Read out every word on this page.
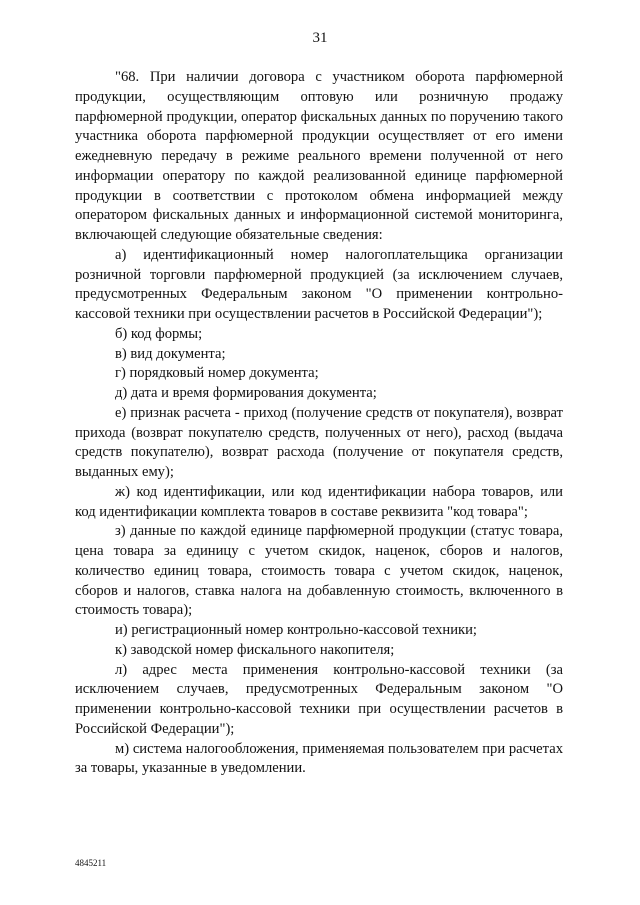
31

"68. При наличии договора с участником оборота парфюмерной продукции, осуществляющим оптовую или розничную продажу парфюмерной продукции, оператор фискальных данных по поручению такого участника оборота парфюмерной продукции осуществляет от его имени ежедневную передачу в режиме реального времени полученной от него информации оператору по каждой реализованной единице парфюмерной продукции в соответствии с протоколом обмена информацией между оператором фискальных данных и информационной системой мониторинга, включающей следующие обязательные сведения:

а) идентификационный номер налогоплательщика организации розничной торговли парфюмерной продукцией (за исключением случаев, предусмотренных Федеральным законом "О применении контрольно-кассовой техники при осуществлении расчетов в Российской Федерации");

б) код формы;

в) вид документа;

г) порядковый номер документа;

д) дата и время формирования документа;

е) признак расчета - приход (получение средств от покупателя), возврат прихода (возврат покупателю средств, полученных от него), расход (выдача средств покупателю), возврат расхода (получение от покупателя средств, выданных ему);

ж) код идентификации, или код идентификации набора товаров, или код идентификации комплекта товаров в составе реквизита "код товара";

з) данные по каждой единице парфюмерной продукции (статус товара, цена товара за единицу с учетом скидок, наценок, сборов и налогов, количество единиц товара, стоимость товара с учетом скидок, наценок, сборов и налогов, ставка налога на добавленную стоимость, включенного в стоимость товара);

и) регистрационный номер контрольно-кассовой техники;

к) заводской номер фискального накопителя;

л) адрес места применения контрольно-кассовой техники (за исключением случаев, предусмотренных Федеральным законом "О применении контрольно-кассовой техники при осуществлении расчетов в Российской Федерации");

м) система налогообложения, применяемая пользователем при расчетах за товары, указанные в уведомлении.

4845211
